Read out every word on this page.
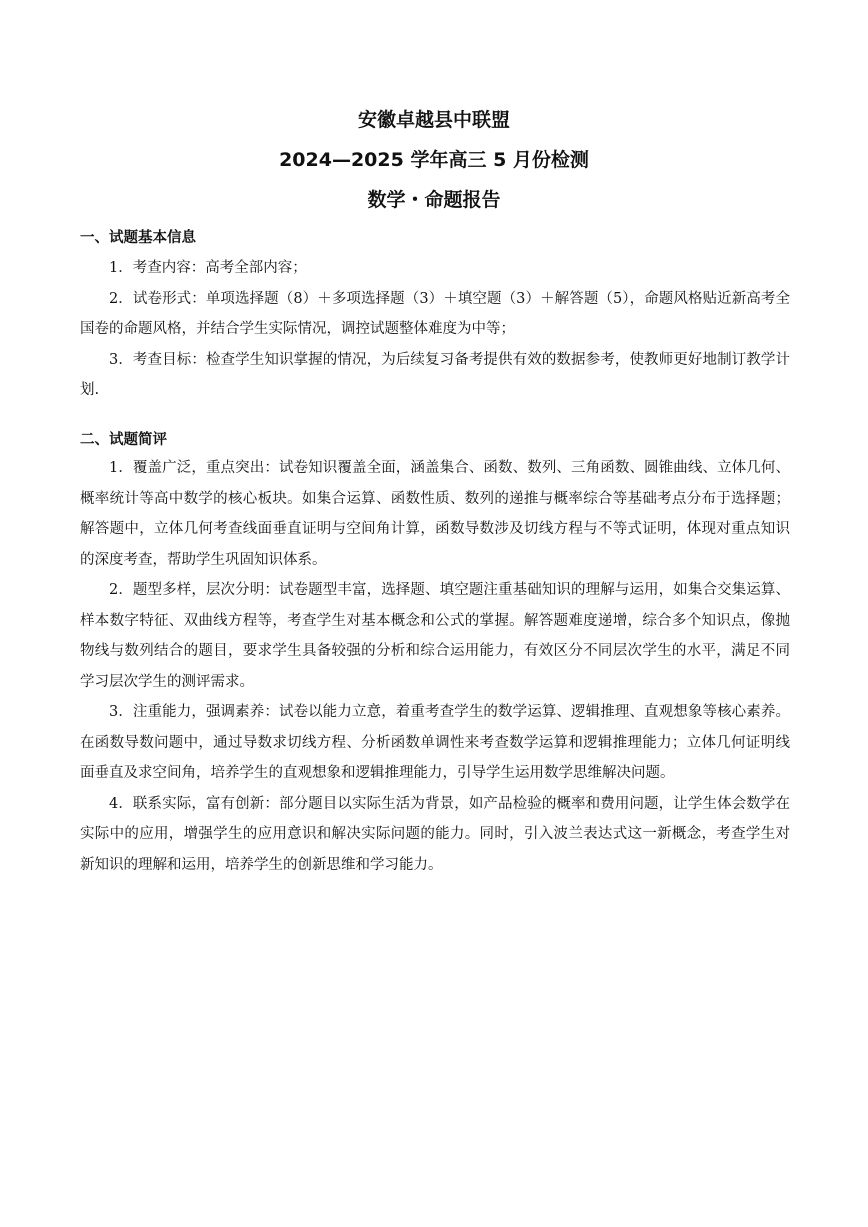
安徽卓越县中联盟
2024—2025 学年高三 5 月份检测
数学・命题报告

一、试题基本信息

1．考查内容：高考全部内容；

2．试卷形式：单项选择题（8）＋多项选择题（3）＋填空题（3）＋解答题（5），命题风格贴近新高考全国卷的命题风格，并结合学生实际情况，调控试题整体难度为中等；

3．考查目标：检查学生知识掌握的情况，为后续复习备考提供有效的数据参考，使教师更好地制订教学计划.

二、试题简评

1．覆盖广泛，重点突出：试卷知识覆盖全面，涵盖集合、函数、数列、三角函数、圆锥曲线、立体几何、概率统计等高中数学的核心板块。如集合运算、函数性质、数列的递推与概率综合等基础考点分布于选择题；解答题中，立体几何考查线面垂直证明与空间角计算，函数导数涉及切线方程与不等式证明，体现对重点知识的深度考查，帮助学生巩固知识体系。

2．题型多样，层次分明：试卷题型丰富，选择题、填空题注重基础知识的理解与运用，如集合交集运算、样本数字特征、双曲线方程等，考查学生对基本概念和公式的掌握。解答题难度递增，综合多个知识点，像抛物线与数列结合的题目，要求学生具备较强的分析和综合运用能力，有效区分不同层次学生的水平，满足不同学习层次学生的测评需求。

3．注重能力，强调素养：试卷以能力立意，着重考查学生的数学运算、逻辑推理、直观想象等核心素养。在函数导数问题中，通过导数求切线方程、分析函数单调性来考查数学运算和逻辑推理能力；立体几何证明线面垂直及求空间角，培养学生的直观想象和逻辑推理能力，引导学生运用数学思维解决问题。

4．联系实际，富有创新：部分题目以实际生活为背景，如产品检验的概率和费用问题，让学生体会数学在实际中的应用，增强学生的应用意识和解决实际问题的能力。同时，引入波兰表达式这一新概念，考查学生对新知识的理解和运用，培养学生的创新思维和学习能力。
